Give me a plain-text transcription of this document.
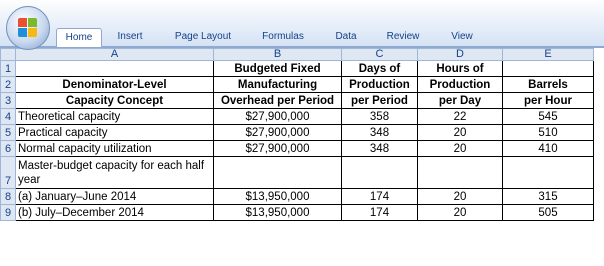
Home	Insert	Page Layout	Formulas	Data	Review	View
	A	B	C	D	E
1		Budgeted Fixed	Days of	Hours of	
2	Denominator-Level	Manufacturing	Production	Production	Barrels
3	Capacity Concept	Overhead per Period	per Period	per Day	per Hour
4	Theoretical capacity	$27,900,000	358	22	545
5	Practical capacity	$27,900,000	348	20	510
6	Normal capacity utilization	$27,900,000	348	20	410
7	Master-budget capacity for each half year				
8	(a) January–June 2014	$13,950,000	174	20	315
9	(b) July–December 2014	$13,950,000	174	20	505
